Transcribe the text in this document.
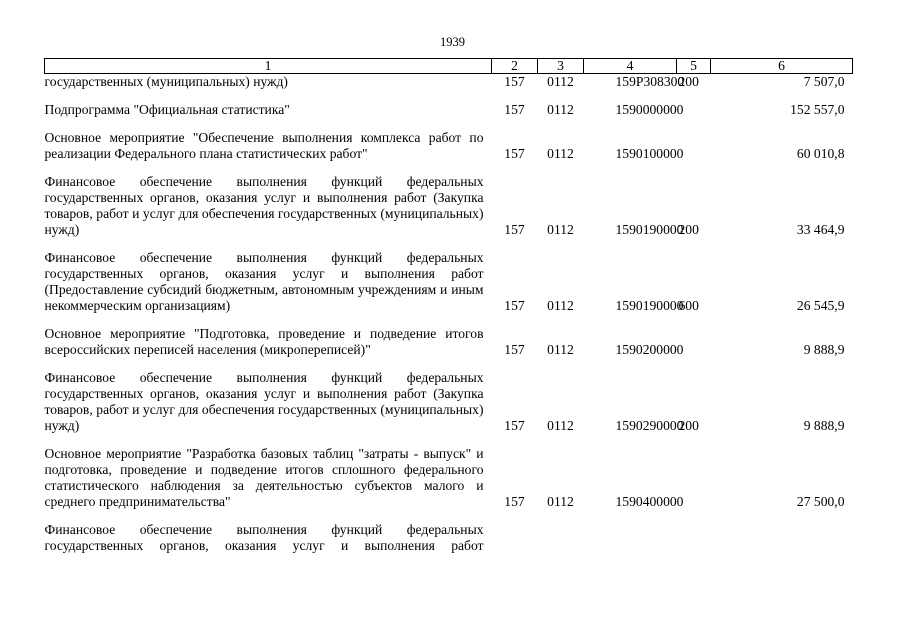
1939
1	2	3	4	5	6
государственных (муниципальных) нужд)	157	0112	159Р308300	200	7 507,0
Подпрограмма "Официальная статистика"	157	0112	1590000000		152 557,0
Основное мероприятие "Обеспечение выполнения комплекса работ по реализации Федерального плана статистических работ"	157	0112	1590100000		60 010,8
Финансовое обеспечение выполнения функций федеральных государственных органов, оказания услуг и выполнения работ (Закупка товаров, работ и услуг для обеспечения государственных (муниципальных) нужд)	157	0112	1590190000	200	33 464,9
Финансовое обеспечение выполнения функций федеральных государственных органов, оказания услуг и выполнения работ (Предоставление субсидий бюджетным, автономным учреждениям и иным некоммерческим организациям)	157	0112	1590190000	600	26 545,9
Основное мероприятие "Подготовка, проведение и подведение итогов всероссийских переписей населения (микропереписей)"	157	0112	1590200000		9 888,9
Финансовое обеспечение выполнения функций федеральных государственных органов, оказания услуг и выполнения работ (Закупка товаров, работ и услуг для обеспечения государственных (муниципальных) нужд)	157	0112	1590290000	200	9 888,9
Основное мероприятие "Разработка базовых таблиц "затраты - выпуск" и подготовка, проведение и подведение итогов сплошного федерального статистического наблюдения за деятельностью субъектов малого и среднего предпринимательства"	157	0112	1590400000		27 500,0
Финансовое обеспечение выполнения функций федеральных государственных органов, оказания услуг и выполнения работ					
